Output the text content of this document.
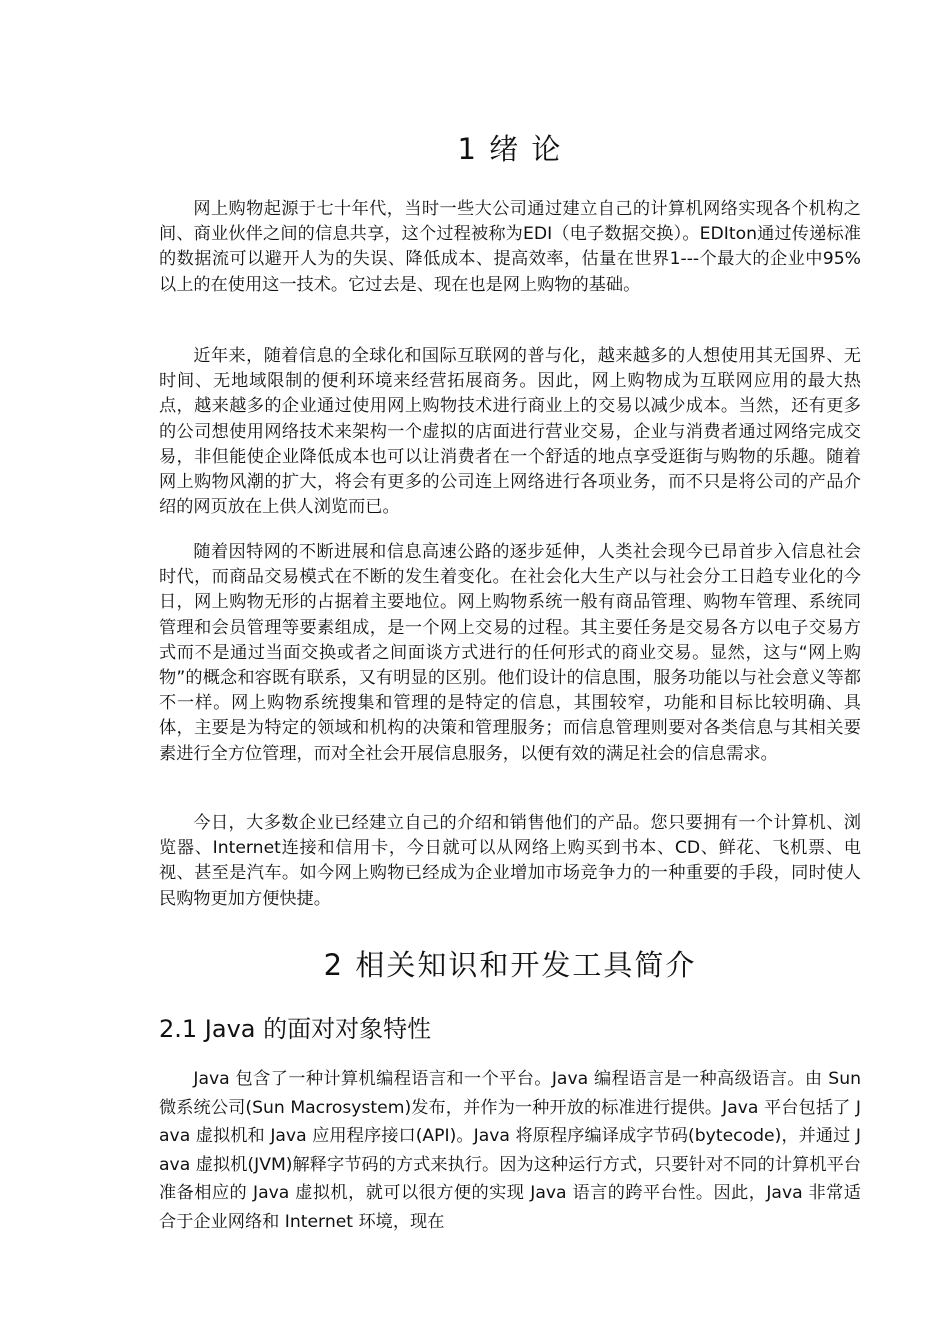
1 绪 论

网上购物起源于七十年代，当时一些大公司通过建立自己的计算机网络实现各个机构之间、商业伙伴之间的信息共享，这个过程被称为EDI（电子数据交换）。EDIton通过传递标准的数据流可以避开人为的失误、降低成本、提高效率，估量在世界1---个最大的企业中95%以上的在使用这一技术。它过去是、现在也是网上购物的基础。

近年来，随着信息的全球化和国际互联网的普与化，越来越多的人想使用其无国界、无时间、无地域限制的便利环境来经营拓展商务。因此，网上购物成为互联网应用的最大热点，越来越多的企业通过使用网上购物技术进行商业上的交易以减少成本。当然，还有更多的公司想使用网络技术来架构一个虚拟的店面进行营业交易，企业与消费者通过网络完成交易，非但能使企业降低成本也可以让消费者在一个舒适的地点享受逛街与购物的乐趣。随着网上购物风潮的扩大，将会有更多的公司连上网络进行各项业务，而不只是将公司的产品介绍的网页放在上供人浏览而已。

随着因特网的不断进展和信息高速公路的逐步延伸，人类社会现今已昂首步入信息社会时代，而商品交易模式在不断的发生着变化。在社会化大生产以与社会分工日趋专业化的今日，网上购物无形的占据着主要地位。网上购物系统一般有商品管理、购物车管理、系统同管理和会员管理等要素组成，是一个网上交易的过程。其主要任务是交易各方以电子交易方式而不是通过当面交换或者之间面谈方式进行的任何形式的商业交易。显然，这与“网上购物”的概念和容既有联系，又有明显的区别。他们设计的信息围，服务功能以与社会意义等都不一样。网上购物系统搜集和管理的是特定的信息，其围较窄，功能和目标比较明确、具体，主要是为特定的领域和机构的决策和管理服务；而信息管理则要对各类信息与其相关要素进行全方位管理，而对全社会开展信息服务，以便有效的满足社会的信息需求。

今日，大多数企业已经建立自己的介绍和销售他们的产品。您只要拥有一个计算机、浏览器、Internet连接和信用卡，今日就可以从网络上购买到书本、CD、鲜花、飞机票、电视、甚至是汽车。如今网上购物已经成为企业增加市场竞争力的一种重要的手段，同时使人民购物更加方便快捷。

2 相关知识和开发工具简介
2.1 Java 的面对对象特性

Java 包含了一种计算机编程语言和一个平台。Java 编程语言是一种高级语言。由 Sun 微系统公司(Sun Macrosystem)发布，并作为一种开放的标准进行提供。Java 平台包括了 Java 虚拟机和 Java 应用程序接口(API)。Java 将原程序编译成字节码(bytecode)，并通过 Java 虚拟机(JVM)解释字节码的方式来执行。因为这种运行方式，只要针对不同的计算机平台准备相应的 Java 虚拟机，就可以很方便的实现 Java 语言的跨平台性。因此，Java 非常适合于企业网络和 Internet 环境，现在
